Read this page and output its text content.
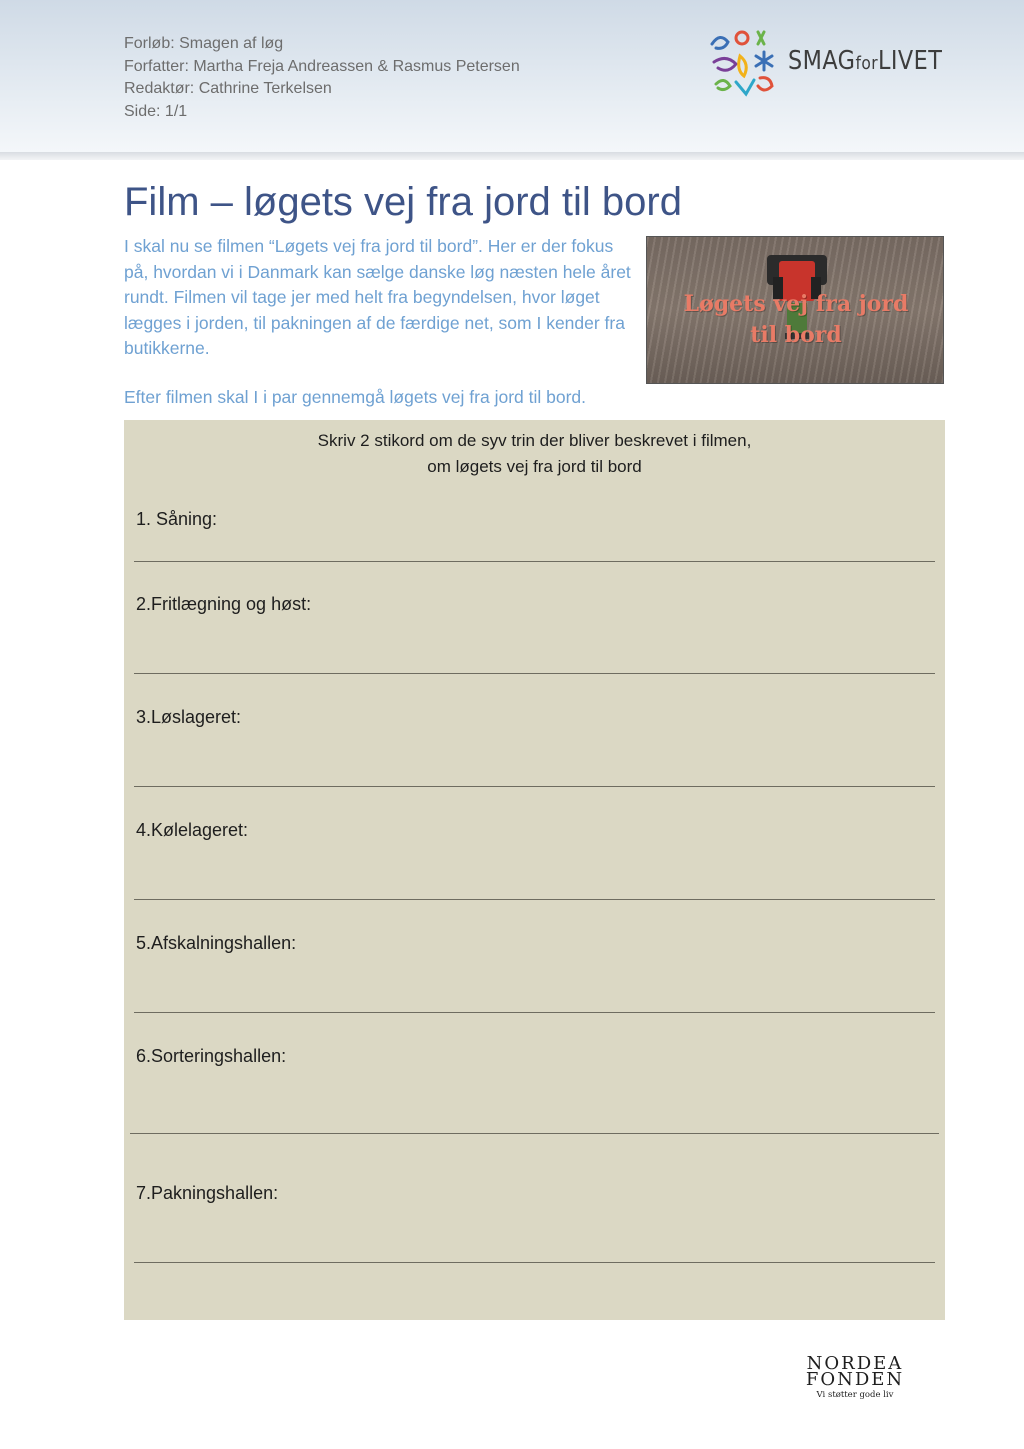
Forløb: Smagen af løg
Forfatter: Martha Freja Andreassen & Rasmus Petersen
Redaktør: Cathrine Terkelsen
Side: 1/1
SMAGforLIVET
Film – løgets vej fra jord til bord

I skal nu se filmen “Løgets vej fra jord til bord”. Her er der fokus på, hvordan vi i Danmark kan sælge danske løg næsten hele året rundt. Filmen vil tage jer med helt fra begyndelsen, hvor løget lægges i jorden, til pakningen af de færdige net, som I kender fra butikkerne.

Efter filmen skal I i par gennemgå løgets vej fra jord til bord.

Løgets vej fra jord
til bord
Skriv 2 stikord om de syv trin der bliver beskrevet i filmen,
om løgets vej fra jord til bord
1. Såning:
2.Fritlægning og høst:
3.Løslageret:
4.Kølelageret:
5.Afskalningshallen:
6.Sorteringshallen:
7.Pakningshallen:
NORDEA
FONDEN
Vi støtter gode liv
